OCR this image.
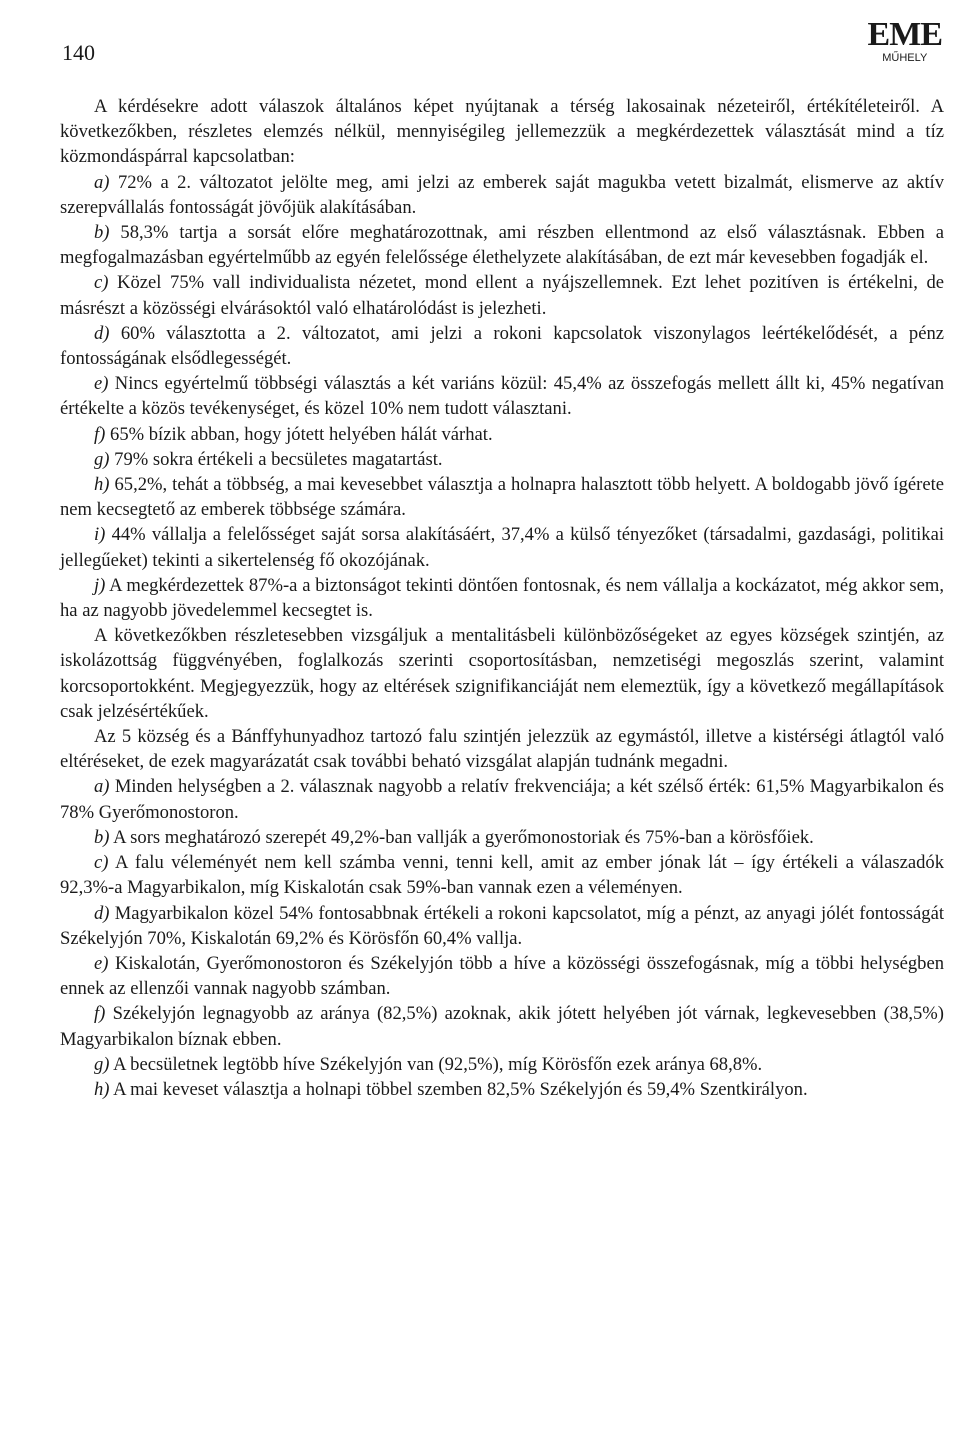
140	EME
MŰHELY

A kérdésekre adott válaszok általános képet nyújtanak a térség lakosainak nézeteiről, értékítéleteiről. A következőkben, részletes elemzés nélkül, mennyiségileg jellemezzük a megkérdezettek választását mind a tíz közmondáspárral kapcsolatban:

a) 72% a 2. változatot jelölte meg, ami jelzi az emberek saját magukba vetett bizalmát, elismerve az aktív szerepvállalás fontosságát jövőjük alakításában.

b) 58,3% tartja a sorsát előre meghatározottnak, ami részben ellentmond az első választásnak. Ebben a megfogalmazásban egyértelműbb az egyén felelőssége élethelyzete alakításában, de ezt már kevesebben fogadják el.

c) Közel 75% vall individualista nézetet, mond ellent a nyájszellemnek. Ezt lehet pozitíven is értékelni, de másrészt a közösségi elvárásoktól való elhatárolódást is jelezheti.

d) 60% választotta a 2. változatot, ami jelzi a rokoni kapcsolatok viszonylagos leértékelődését, a pénz fontosságának elsődlegességét.

e) Nincs egyértelmű többségi választás a két variáns közül: 45,4% az összefogás mellett állt ki, 45% negatívan értékelte a közös tevékenységet, és közel 10% nem tudott választani.

f) 65% bízik abban, hogy jótett helyében hálát várhat.

g) 79% sokra értékeli a becsületes magatartást.

h) 65,2%, tehát a többség, a mai kevesebbet választja a holnapra halasztott több helyett. A boldogabb jövő ígérete nem kecsegtető az emberek többsége számára.

i) 44% vállalja a felelősséget saját sorsa alakításáért, 37,4% a külső tényezőket (társadalmi, gazdasági, politikai jellegűeket) tekinti a sikertelenség fő okozójának.

j) A megkérdezettek 87%-a a biztonságot tekinti döntően fontosnak, és nem vállalja a kockázatot, még akkor sem, ha az nagyobb jövedelemmel kecsegtet is.

A következőkben részletesebben vizsgáljuk a mentalitásbeli különbözőségeket az egyes községek szintjén, az iskolázottság függvényében, foglalkozás szerinti csoportosításban, nemzetiségi megoszlás szerint, valamint korcsoportokként. Megjegyezzük, hogy az eltérések szignifikanciáját nem elemeztük, így a következő megállapítások csak jelzésértékűek.

Az 5 község és a Bánffyhunyadhoz tartozó falu szintjén jelezzük az egymástól, illetve a kistérségi átlagtól való eltéréseket, de ezek magyarázatát csak további beható vizsgálat alapján tudnánk megadni.

a) Minden helységben a 2. válasznak nagyobb a relatív frekvenciája; a két szélső érték: 61,5% Magyarbikalon és 78% Gyerőmonostoron.

b) A sors meghatározó szerepét 49,2%-ban vallják a gyerőmonostoriak és 75%-ban a körösfőiek.

c) A falu véleményét nem kell számba venni, tenni kell, amit az ember jónak lát – így értékeli a válaszadók 92,3%-a Magyarbikalon, míg Kiskalotán csak 59%-ban vannak ezen a véleményen.

d) Magyarbikalon közel 54% fontosabbnak értékeli a rokoni kapcsolatot, míg a pénzt, az anyagi jólét fontosságát Székelyjón 70%, Kiskalotán 69,2% és Körösfőn 60,4% vallja.

e) Kiskalotán, Gyerőmonostoron és Székelyjón több a híve a közösségi összefogásnak, míg a többi helységben ennek az ellenzői vannak nagyobb számban.

f) Székelyjón legnagyobb az aránya (82,5%) azoknak, akik jótett helyében jót várnak, legkevesebben (38,5%) Magyarbikalon bíznak ebben.

g) A becsületnek legtöbb híve Székelyjón van (92,5%), míg Körösfőn ezek aránya 68,8%.

h) A mai keveset választja a holnapi többel szemben 82,5% Székelyjón és 59,4% Szentkirályon.
